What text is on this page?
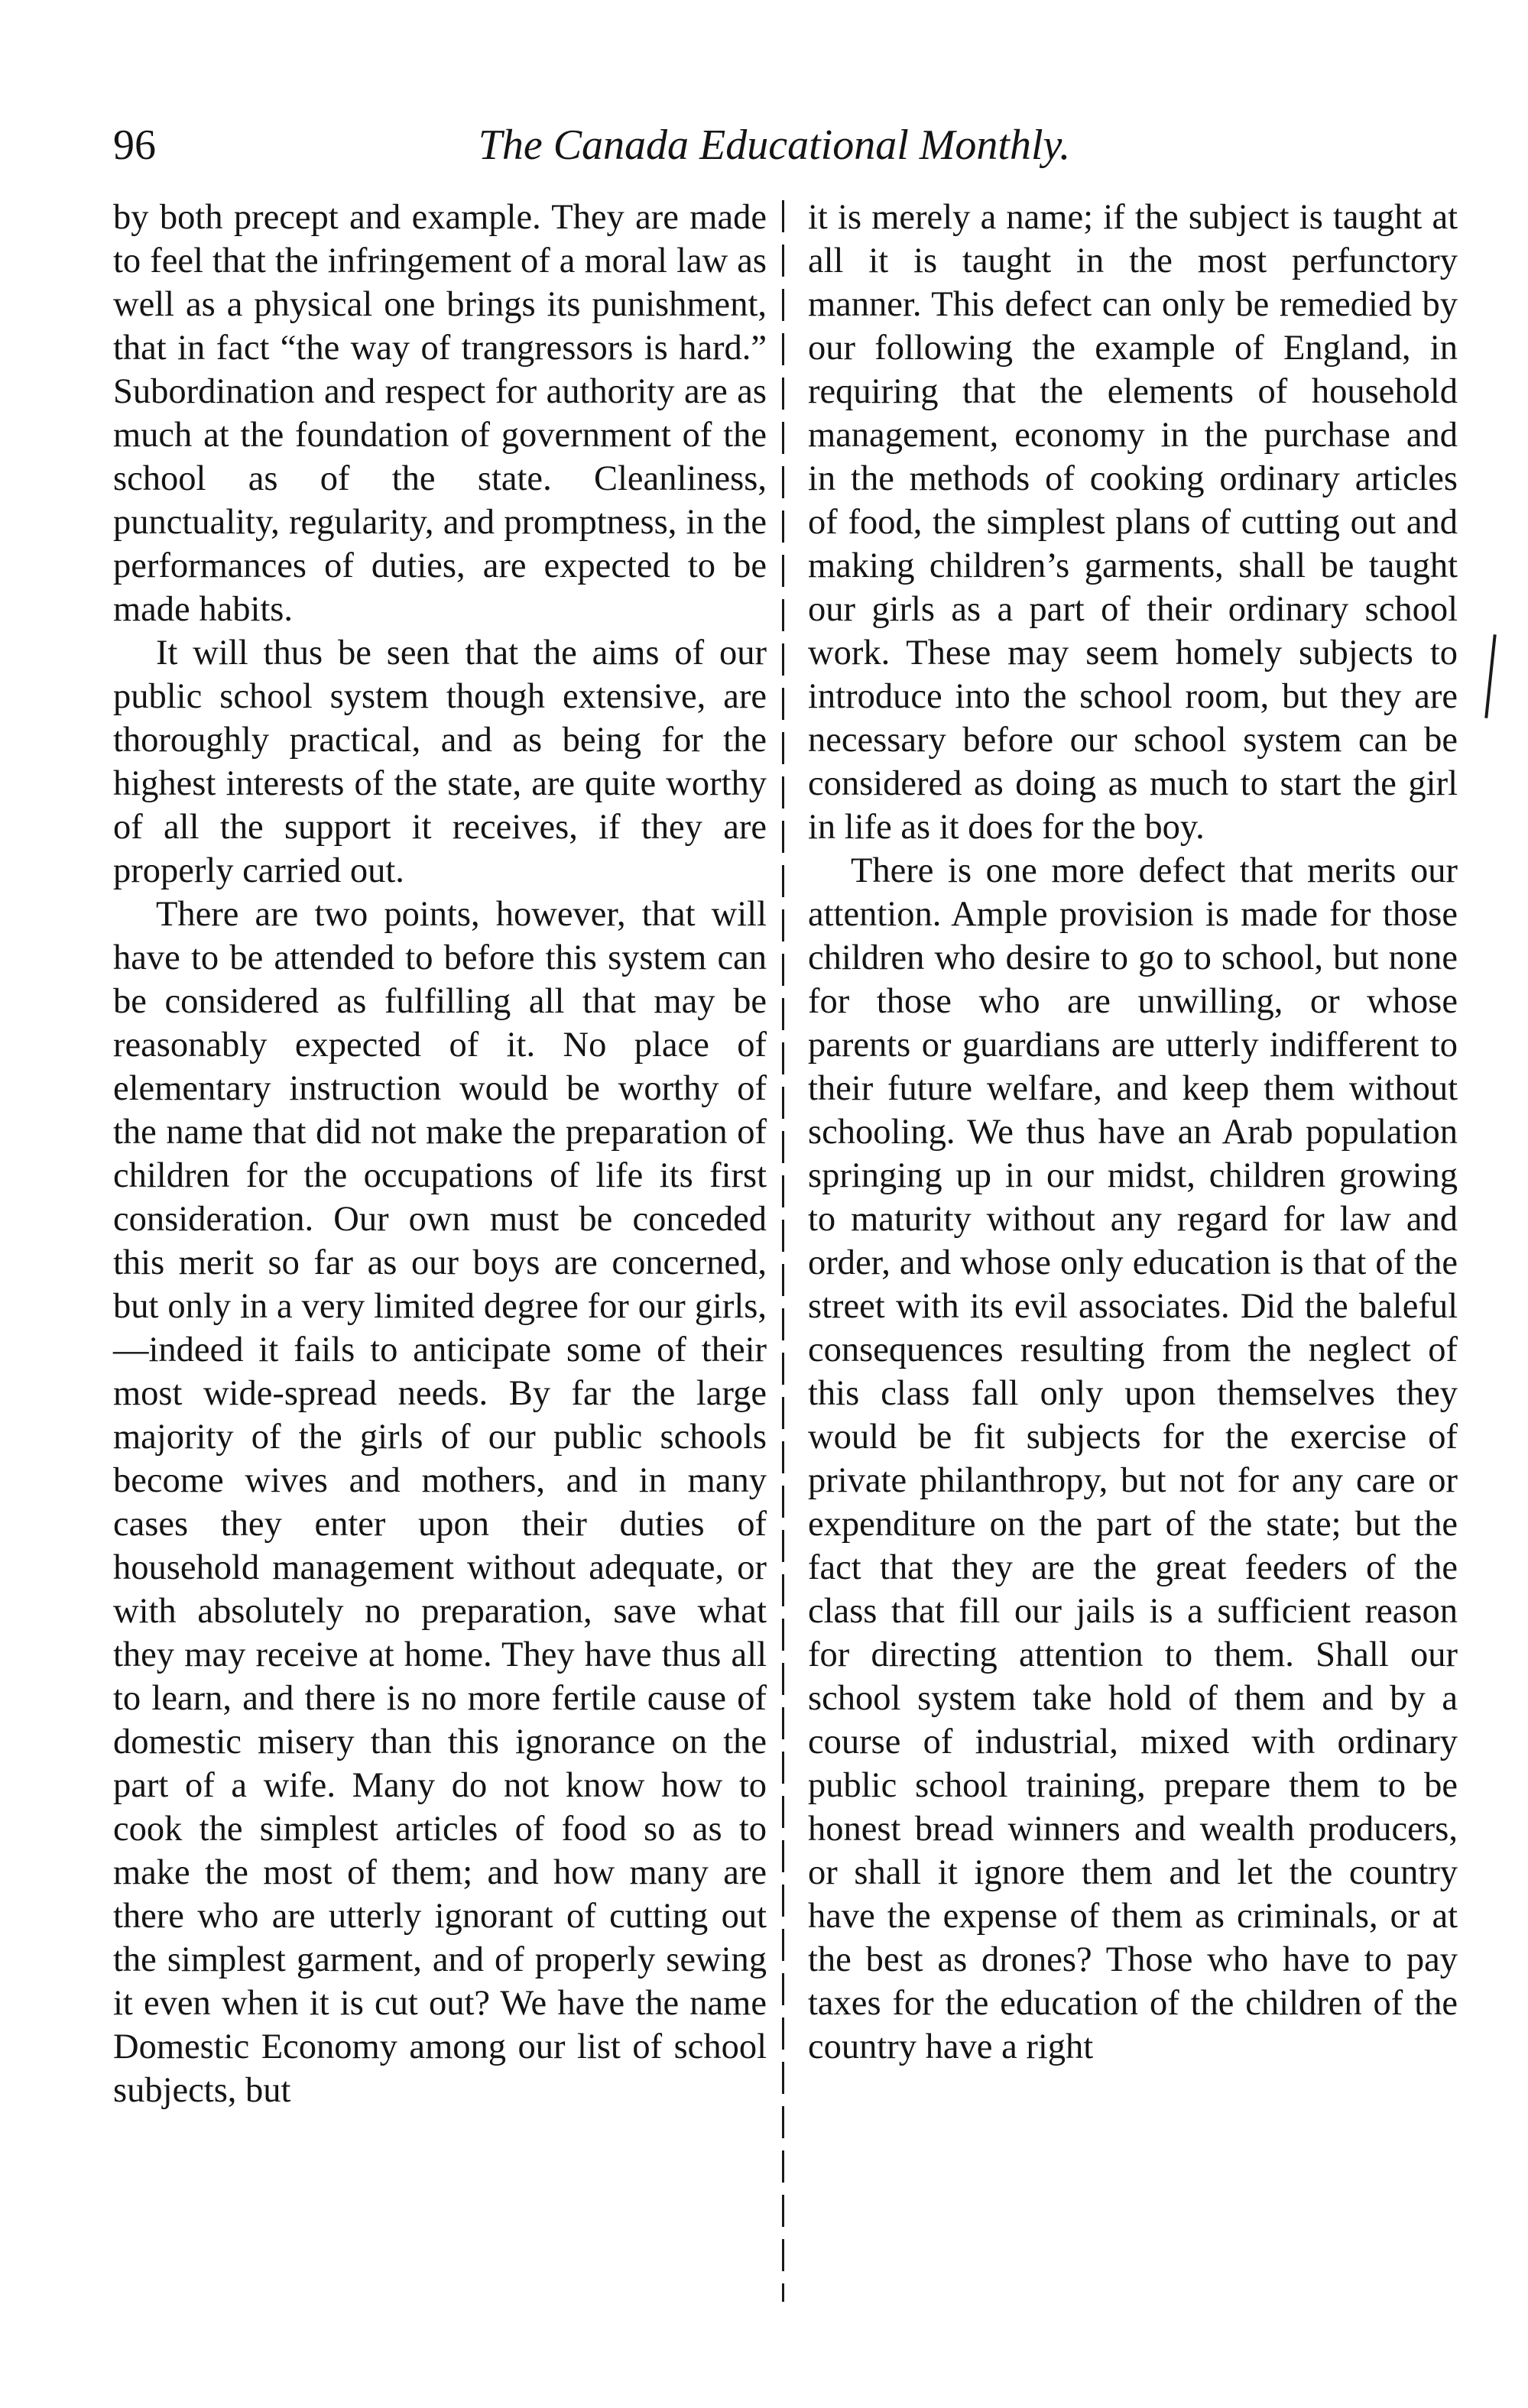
96	The Canada Educational Monthly.

by both precept and example. They are made to feel that the infringement of a moral law as well as a physical one brings its punishment, that in fact “the way of trangressors is hard.” Subordination and respect for authority are as much at the foundation of government of the school as of the state. Cleanliness, punctuality, regularity, and promptness, in the performances of duties, are expected to be made habits.

It will thus be seen that the aims of our public school system though extensive, are thoroughly practical, and as being for the highest interests of the state, are quite worthy of all the support it receives, if they are properly carried out.

There are two points, however, that will have to be attended to before this system can be considered as fulfilling all that may be reasonably expected of it. No place of elementary instruction would be worthy of the name that did not make the preparation of children for the occupations of life its first consideration. Our own must be conceded this merit so far as our boys are concerned, but only in a very limited degree for our girls,—indeed it fails to anticipate some of their most wide-spread needs. By far the large majority of the girls of our public schools become wives and mothers, and in many cases they enter upon their duties of household management without adequate, or with absolutely no preparation, save what they may receive at home. They have thus all to learn, and there is no more fertile cause of domestic misery than this ignorance on the part of a wife. Many do not know how to cook the simplest articles of food so as to make the most of them; and how many are there who are utterly ignorant of cutting out the simplest garment, and of properly sewing it even when it is cut out? We have the name Domestic Economy among our list of school subjects, but

it is merely a name; if the subject is taught at all it is taught in the most perfunctory manner. This defect can only be remedied by our following the example of England, in requiring that the elements of household management, economy in the purchase and in the methods of cooking ordinary articles of food, the simplest plans of cutting out and making children’s garments, shall be taught our girls as a part of their ordinary school work. These may seem homely subjects to introduce into the school room, but they are necessary before our school system can be considered as doing as much to start the girl in life as it does for the boy.

There is one more defect that merits our attention. Ample provision is made for those children who desire to go to school, but none for those who are unwilling, or whose parents or guardians are utterly indifferent to their future welfare, and keep them without schooling. We thus have an Arab population springing up in our midst, children growing to maturity without any regard for law and order, and whose only education is that of the street with its evil associates. Did the baleful consequences resulting from the neglect of this class fall only upon themselves they would be fit subjects for the exercise of private philanthropy, but not for any care or expenditure on the part of the state; but the fact that they are the great feeders of the class that fill our jails is a sufficient reason for directing attention to them. Shall our school system take hold of them and by a course of industrial, mixed with ordinary public school training, prepare them to be honest bread winners and wealth producers, or shall it ignore them and let the country have the expense of them as criminals, or at the best as drones? Those who have to pay taxes for the education of the children of the country have a right
